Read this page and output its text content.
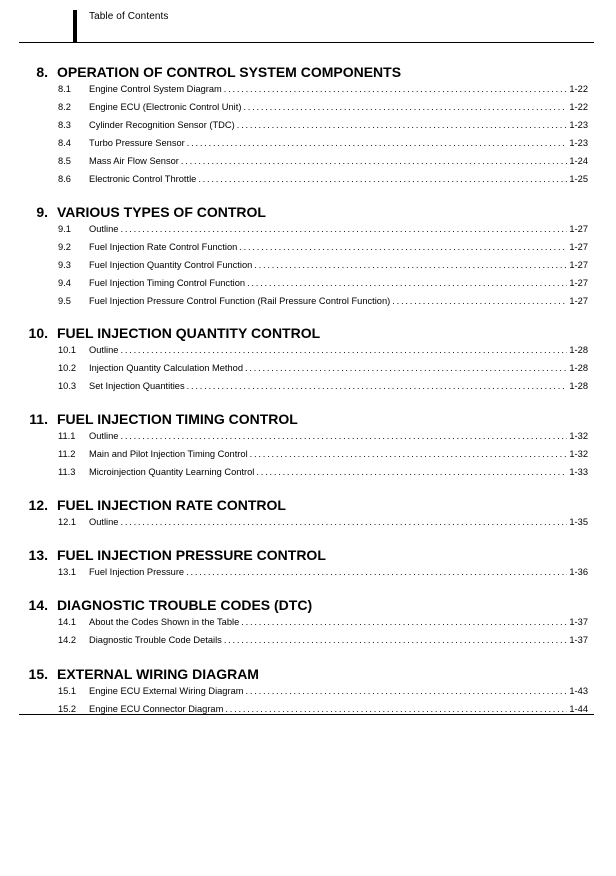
Table of Contents
8. OPERATION OF CONTROL SYSTEM COMPONENTS
8.1 Engine Control System Diagram . . .	1-22
8.2 Engine ECU (Electronic Control Unit) . . .	1-22
8.3 Cylinder Recognition Sensor (TDC) . . .	1-23
8.4 Turbo Pressure Sensor . . .	1-23
8.5 Mass Air Flow Sensor . . .	1-24
8.6 Electronic Control Throttle . . .	1-25
9. VARIOUS TYPES OF CONTROL
9.1 Outline . . .	1-27
9.2 Fuel Injection Rate Control Function . . .	1-27
9.3 Fuel Injection Quantity Control Function . . .	1-27
9.4 Fuel Injection Timing Control Function . . .	1-27
9.5 Fuel Injection Pressure Control Function (Rail Pressure Control Function) . . .	1-27
10. FUEL INJECTION QUANTITY CONTROL
10.1 Outline . . .	1-28
10.2 Injection Quantity Calculation Method . . .	1-28
10.3 Set Injection Quantities . . .	1-28
11. FUEL INJECTION TIMING CONTROL
11.1 Outline . . .	1-32
11.2 Main and Pilot Injection Timing Control . . .	1-32
11.3 Microinjection Quantity Learning Control . . .	1-33
12. FUEL INJECTION RATE CONTROL
12.1 Outline . . .	1-35
13. FUEL INJECTION PRESSURE CONTROL
13.1 Fuel Injection Pressure . . .	1-36
14. DIAGNOSTIC TROUBLE CODES (DTC)
14.1 About the Codes Shown in the Table . . .	1-37
14.2 Diagnostic Trouble Code Details . . .	1-37
15. EXTERNAL WIRING DIAGRAM
15.1 Engine ECU External Wiring Diagram . . .	1-43
15.2 Engine ECU Connector Diagram . . .	1-44
